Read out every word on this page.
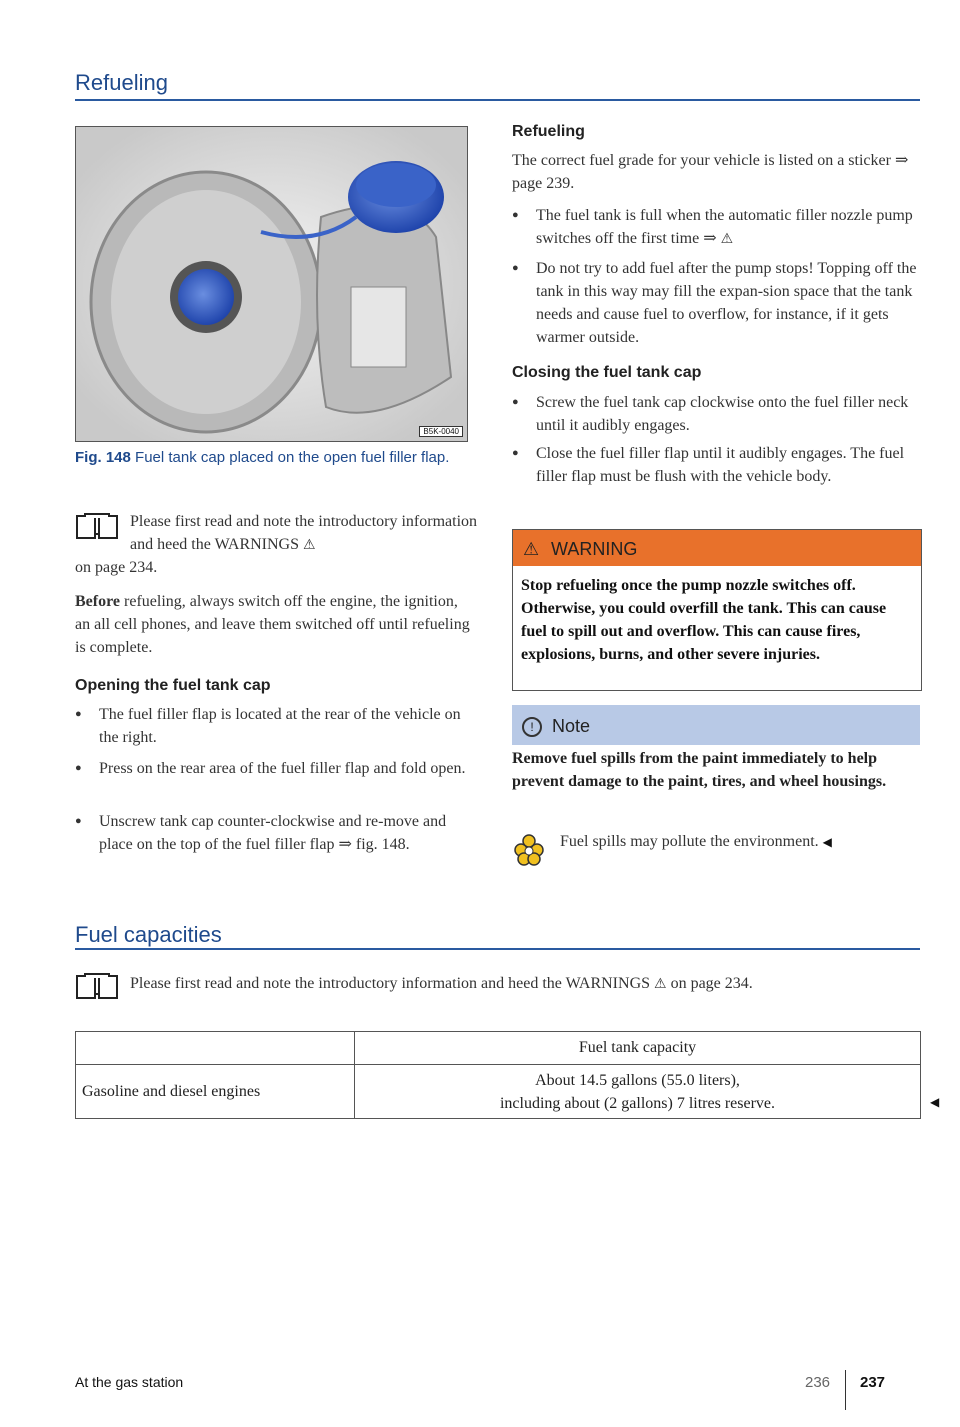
Refueling
B5K-0040
Fig. 148 Fuel tank cap placed on the open fuel filler flap.
Please first read and note the introductory information and heed the WARNINGS ⚠
on page 234.
Before refueling, always switch off the engine, the ignition, an all cell phones, and leave them switched off until refueling is complete.
Opening the fuel tank cap
● The fuel filler flap is located at the rear of the vehicle on the right.
● Press on the rear area of the fuel filler flap and fold open.
● Unscrew tank cap counter-clockwise and re-move and place on the top of the fuel filler flap ⇒ fig. 148.
Refueling
The correct fuel grade for your vehicle is listed on a sticker ⇒ page 239.
● The fuel tank is full when the automatic filler nozzle pump switches off the first time ⇒ ⚠
● Do not try to add fuel after the pump stops! Topping off the tank in this way may fill the expan-sion space that the tank needs and cause fuel to overflow, for instance, if it gets warmer outside.
Closing the fuel tank cap
● Screw the fuel tank cap clockwise onto the fuel filler neck until it audibly engages.
● Close the fuel filler flap until it audibly engages. The fuel filler flap must be flush with the vehicle body.
⚠ WARNING
Stop refueling once the pump nozzle switches off. Otherwise, you could overfill the tank. This can cause fuel to spill out and overflow. This can cause fires, explosions, burns, and other severe injuries.
! Note
Remove fuel spills from the paint immediately to help prevent damage to the paint, tires, and wheel housings.
Fuel spills may pollute the environment. ◀
Fuel capacities
Please first read and note the introductory information and heed the WARNINGS ⚠ on page 234.
	Fuel tank capacity
Gasoline and diesel engines	About 14.5 gallons (55.0 liters),
including about (2 gallons) 7 litres reserve.	◀
At the gas station	236 237
